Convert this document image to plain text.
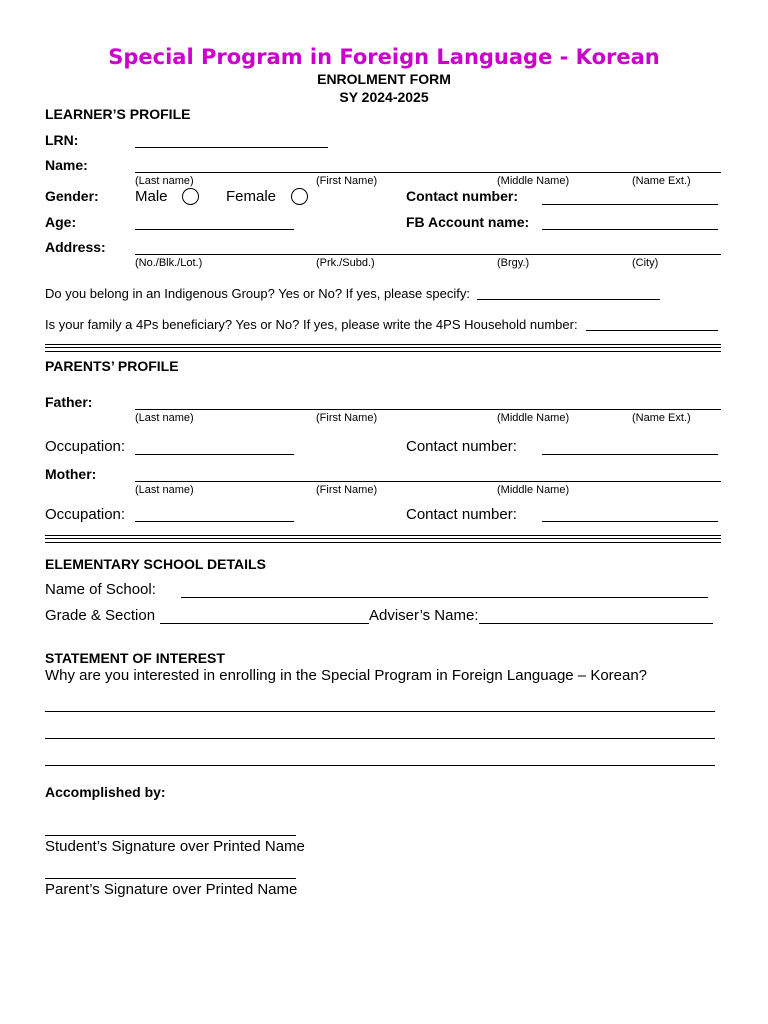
Special Program in Foreign Language - Korean
ENROLMENT FORM
SY 2024-2025
LEARNER’S PROFILE
LRN:
Name:
(Last name)	(First Name)	(Middle Name)	(Name Ext.)
Gender: Male	Female	Contact number:
Age:	FB Account name:
Address:
(No./Blk./Lot.)	(Prk./Subd.)	(Brgy.)	(City)
Do you belong in an Indigenous Group? Yes or No? If yes, please specify:
Is your family a 4Ps beneficiary? Yes or No? If yes, please write the 4PS Household number:
PARENTS’ PROFILE
Father:
(Last name)	(First Name)	(Middle Name)	(Name Ext.)
Occupation:	Contact number:
Mother:
(Last name)	(First Name)	(Middle Name)
Occupation:	Contact number:
ELEMENTARY SCHOOL DETAILS
Name of School:
Grade & Section	Adviser’s Name:
STATEMENT OF INTEREST
Why are you interested in enrolling in the Special Program in Foreign Language – Korean?
Accomplished by:
Student’s Signature over Printed Name
Parent’s Signature over Printed Name
